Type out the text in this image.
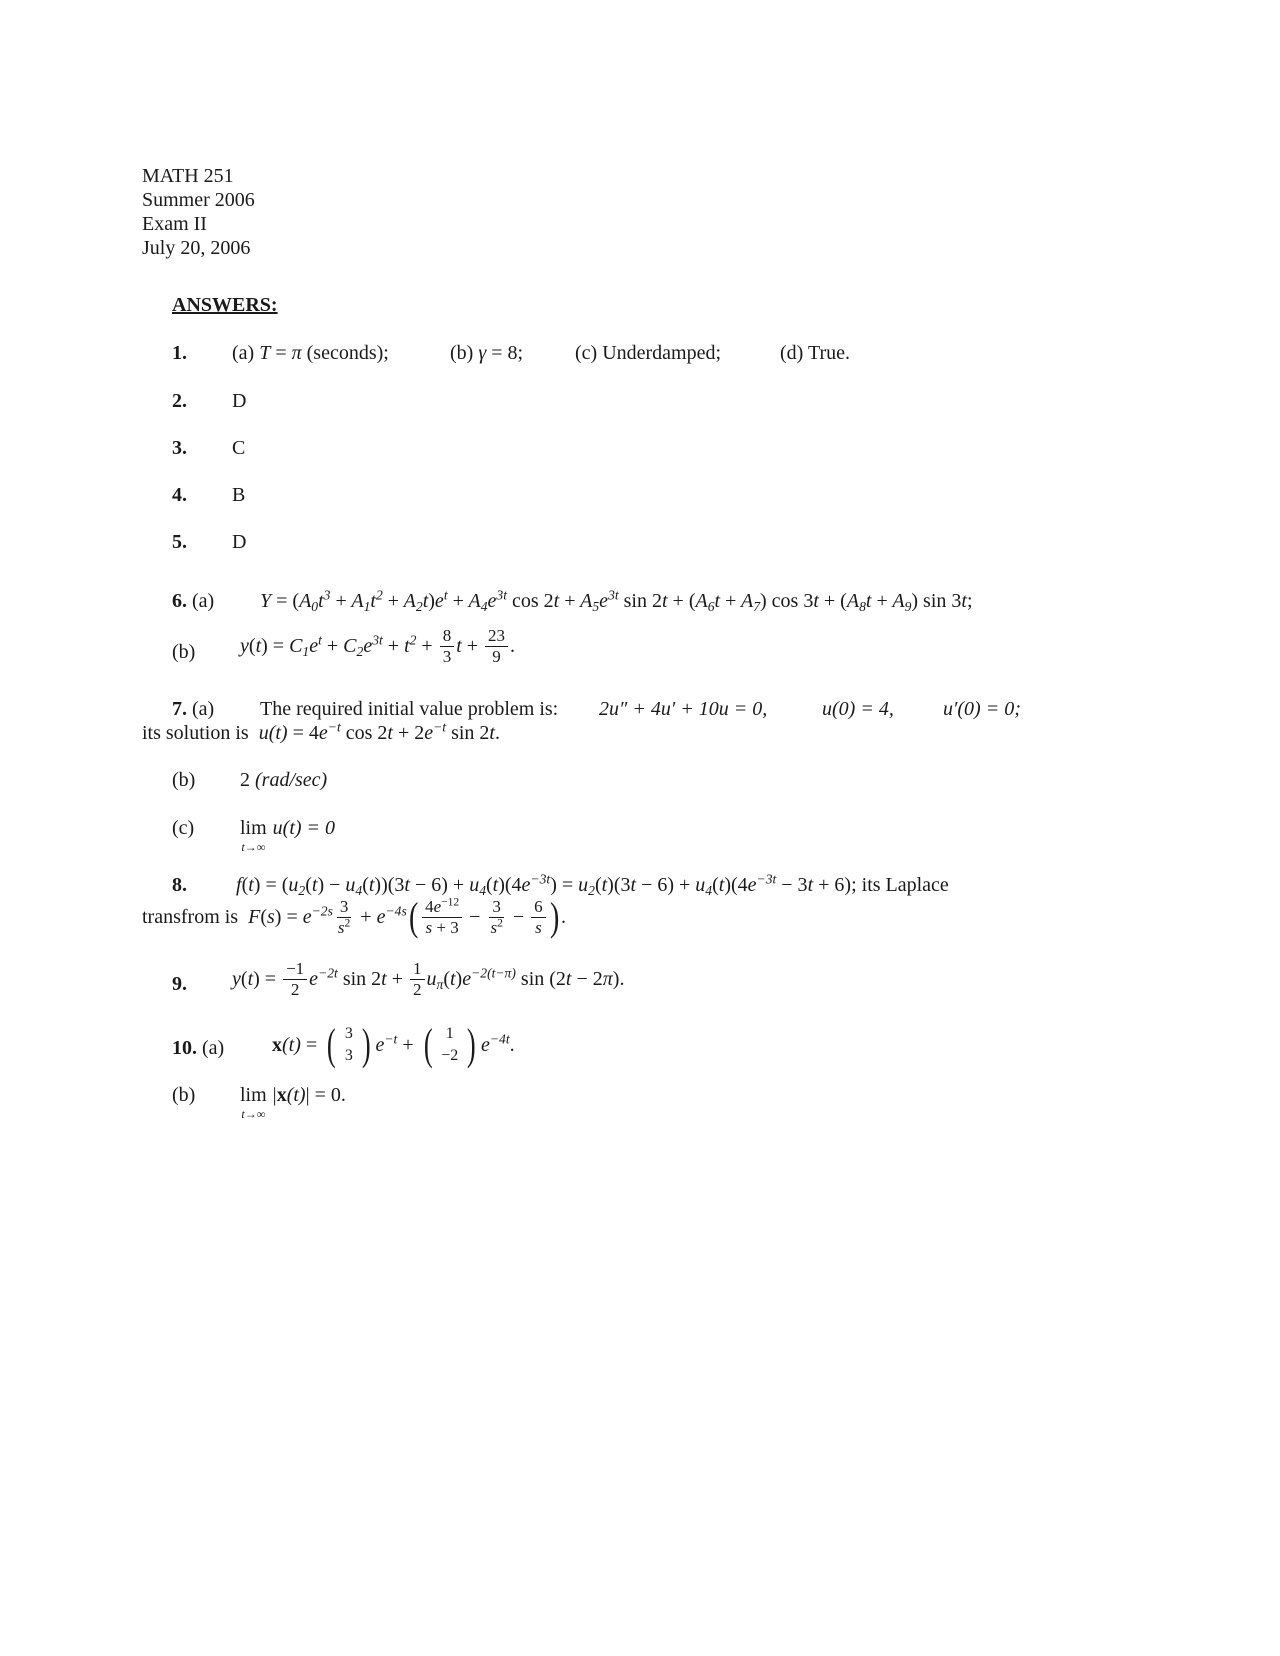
MATH 251
Summer 2006
Exam II
July 20, 2006
ANSWERS:
1. (a) T = π (seconds);	(b) γ = 8;	(c) Underdamped;	(d) True.
2. D
3. C
4. B
5. D
6. (a) $Y = (A_0t^3 + A_1t^2 + A_2t)e^t + A_4e^{3t}$ $\cos 2t + A_5e^{3t}$ $\sin 2t + (A_6t + A_7)$ $\cos 3t + (A_8t + A_9)$ sin 3t;
(b) $y(t) = C_1e^t + C_2e^{3t} + t^2 + \frac{8}{3}$ $t + \frac{23}{9}$ .
7. (a) The required initial value problem is: 2u″ + 4u′ + 10u = 0,	u(0) = 4, u′(0) = 0;
its solution is $u(t) = 4e^{-t}$ $\cos 2t + 2e^{-t}$ sin 2t.
(b) 2 (rad/sec)
(c) lim
t→∞
u(t) = 0
8. $f(t) = (u_2(t) - u_4(t))(3t - 6) + u_4(t)(4e^{-3t}) = u_2(t)(3t - 6) + u_4(t)(4e^{-3t} - 3t + 6)$; its Laplace
transfrom is
$F(s) = e^{-2s} \frac{3}{s^2} + e^{-4s}$ ( $\frac{4e^{-12}}{s + 3} - \frac{3}{s^2} - \frac{6}{s}$ ) .
9. $y(t) = \frac{-1}{2} e^{-2t}$ $\sin 2t + \frac{1}{2} u_\pi(t)e^{-2(t-\pi)}$ sin (2t − 2π).
10. (a) x(t) = ( 3
3 ) $e^{-t}$ + ( 1
−2 ) $e^{-4t}$ .
(b) lim
t→∞
|x(t)| = 0.
